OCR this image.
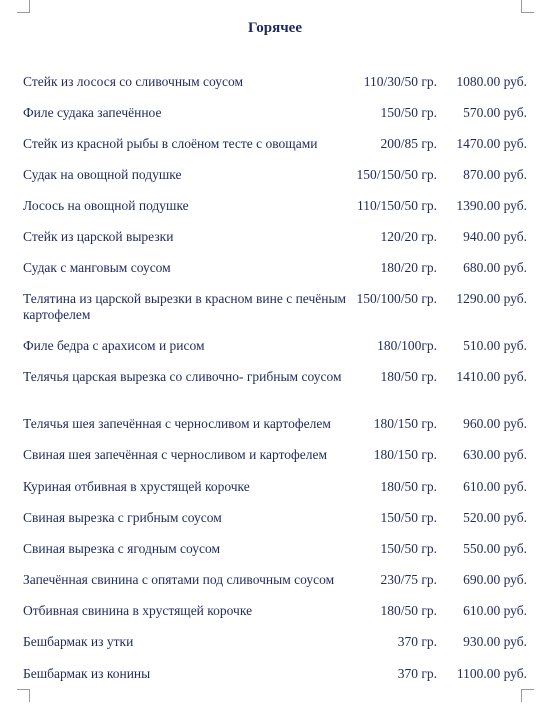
Горячее
Стейк из лосося со сливочным соусом	110/30/50 гр. 1080.00 руб.
Филе судака запечённое	150/50 гр. 570.00 руб.
Стейк из красной рыбы в слоёном тесте с овощами	200/85 гр. 1470.00 руб.
Судак на овощной подушке	150/150/50 гр. 870.00 руб.
Лосось на овощной подушке	110/150/50 гр. 1390.00 руб.
Стейк из царской вырезки	120/20 гр. 940.00 руб.
Судак с манговым соусом	180/20 гр. 680.00 руб.
Телятина из царской вырезки в красном вине с печёным картофелем
150/100/50 гр. 1290.00 руб.
Филе бедра с арахисом и рисом	180/100гр. 510.00 руб.
Телячья царская вырезка со сливочно- грибным соусом	180/50 гр. 1410.00 руб.
Телячья шея запечённая с черносливом и картофелем	180/150 гр. 960.00 руб.
Свиная шея запечённая с черносливом и картофелем	180/150 гр. 630.00 руб.
Куриная отбивная в хрустящей корочке	180/50 гр. 610.00 руб.
Свиная вырезка с грибным соусом	150/50 гр. 520.00 руб.
Свиная вырезка с ягодным соусом	150/50 гр. 550.00 руб.
Запечённая свинина с опятами под сливочным соусом	230/75 гр. 690.00 руб.
Отбивная свинина в хрустящей корочке	180/50 гр. 610.00 руб.
Бешбармак из утки	370 гр. 930.00 руб.
Бешбармак из конины	370 гр. 1100.00 руб.
